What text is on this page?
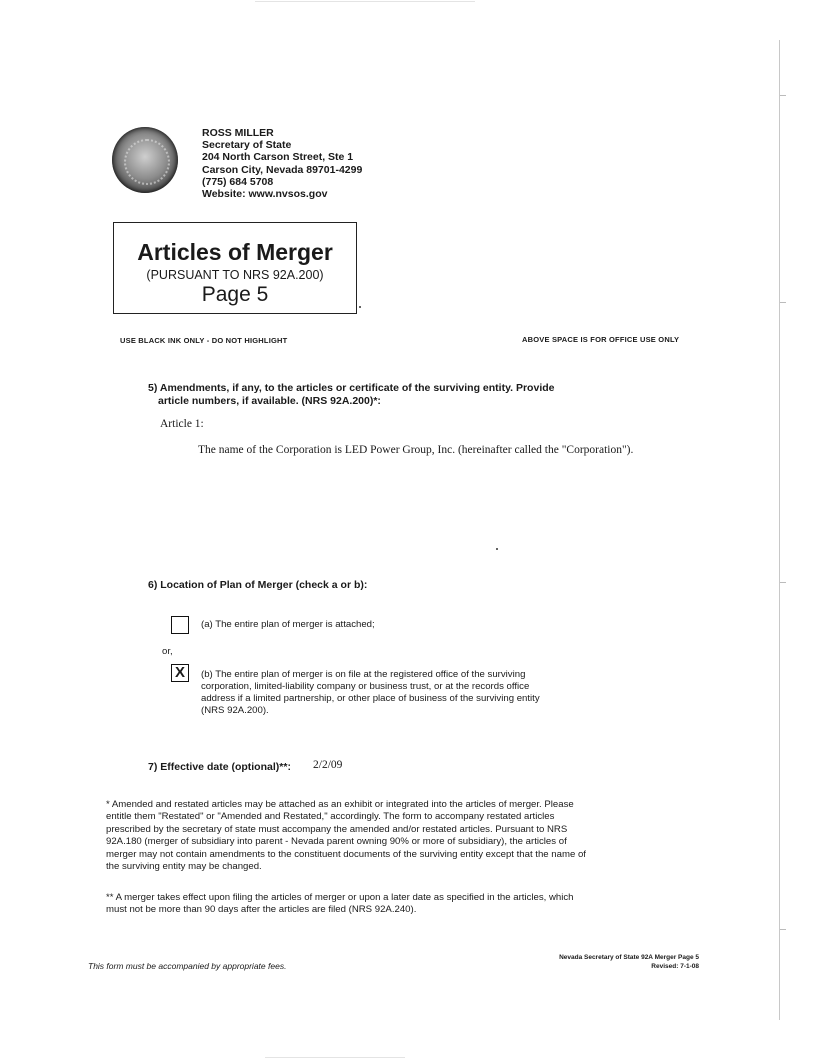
ROSS MILLER
Secretary of State
204 North Carson Street, Ste 1
Carson City, Nevada 89701-4299
(775) 684 5708
Website: www.nvsos.gov
Articles of Merger
(PURSUANT TO NRS 92A.200)
Page 5
USE BLACK INK ONLY - DO NOT HIGHLIGHT	ABOVE SPACE IS FOR OFFICE USE ONLY
5) Amendments, if any, to the articles or certificate of the surviving entity. Provide
article numbers, if available. (NRS 92A.200)*:
Article 1:
The name of the Corporation is LED Power Group, Inc. (hereinafter called the "Corporation").
6) Location of Plan of Merger (check a or b):
(a) The entire plan of merger is attached;
or,
X	(b) The entire plan of merger is on file at the registered office of the surviving
corporation, limited-liability company or business trust, or at the records office
address if a limited partnership, or other place of business of the surviving entity
(NRS 92A.200).
7) Effective date (optional)**: 2/2/09
* Amended and restated articles may be attached as an exhibit or integrated into the articles of merger. Please
entitle them "Restated" or "Amended and Restated," accordingly. The form to accompany restated articles
prescribed by the secretary of state must accompany the amended and/or restated articles. Pursuant to NRS
92A.180 (merger of subsidiary into parent - Nevada parent owning 90% or more of subsidiary), the articles of
merger may not contain amendments to the constituent documents of the surviving entity except that the name of
the surviving entity may be changed.
** A merger takes effect upon filing the articles of merger or upon a later date as specified in the articles, which
must not be more than 90 days after the articles are filed (NRS 92A.240).
This form must be accompanied by appropriate fees.
Nevada Secretary of State 92A Merger Page 5
Revised: 7-1-08
